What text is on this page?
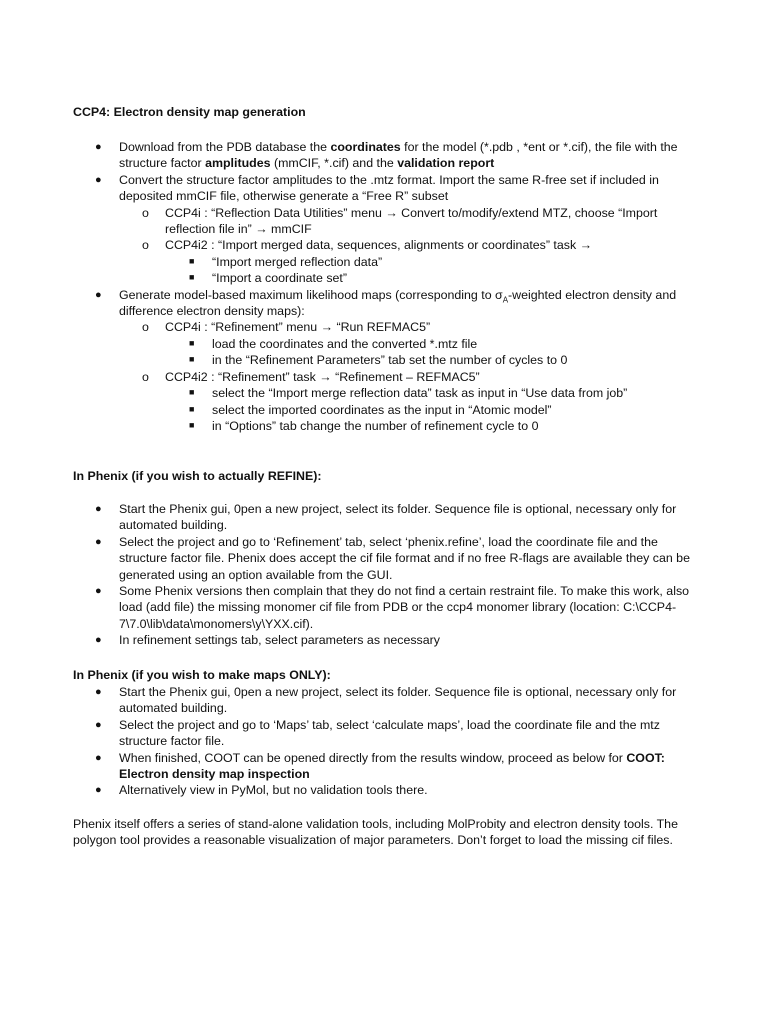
CCP4: Electron density map generation
● Download from the PDB database the coordinates for the model (*.pdb , *ent or *.cif), the file with the structure factor amplitudes (mmCIF, *.cif) and the validation report
● Convert the structure factor amplitudes to the .mtz format. Import the same R-free set if included in deposited mmCIF file, otherwise generate a “Free R” subset
o CCP4i : “Reflection Data Utilities” menu → Convert to/modify/extend MTZ, choose “Import reflection file in” → mmCIF
o CCP4i2 : “Import merged data, sequences, alignments or coordinates” task →
■ “Import merged reflection data”
■ “Import a coordinate set”
● Generate model-based maximum likelihood maps (corresponding to $\sigma_A$-weighted electron density and difference electron density maps):
o CCP4i : “Refinement” menu → “Run REFMAC5”
■ load the coordinates and the converted *.mtz file
■ in the “Refinement Parameters” tab set the number of cycles to 0
o CCP4i2 : “Refinement” task → “Refinement – REFMAC5”
■ select the “Import merge reflection data” task as input in “Use data from job”
■ select the imported coordinates as the input in “Atomic model”
■ in “Options” tab change the number of refinement cycle to 0
In Phenix (if you wish to actually REFINE):
● Start the Phenix gui, 0pen a new project, select its folder. Sequence file is optional, necessary only for automated building.
● Select the project and go to ‘Refinement’ tab, select ‘phenix.refine’, load the coordinate file and the structure factor file. Phenix does accept the cif file format and if no free R-flags are available they can be generated using an option available from the GUI.
● Some Phenix versions then complain that they do not find a certain restraint file. To make this work, also load (add file) the missing monomer cif file from PDB or the ccp4 monomer library (location: C:\CCP4-7\7.0\lib\data\monomers\y\YXX.cif).
● In refinement settings tab, select parameters as necessary
In Phenix (if you wish to make maps ONLY):
● Start the Phenix gui, 0pen a new project, select its folder. Sequence file is optional, necessary only for automated building.
● Select the project and go to ‘Maps’ tab, select ‘calculate maps’, load the coordinate file and the mtz structure factor file.
● When finished, COOT can be opened directly from the results window, proceed as below for COOT: Electron density map inspection
● Alternatively view in PyMol, but no validation tools there.

Phenix itself offers a series of stand-alone validation tools, including MolProbity and electron density tools. The polygon tool provides a reasonable visualization of major parameters. Don’t forget to load the missing cif files.
